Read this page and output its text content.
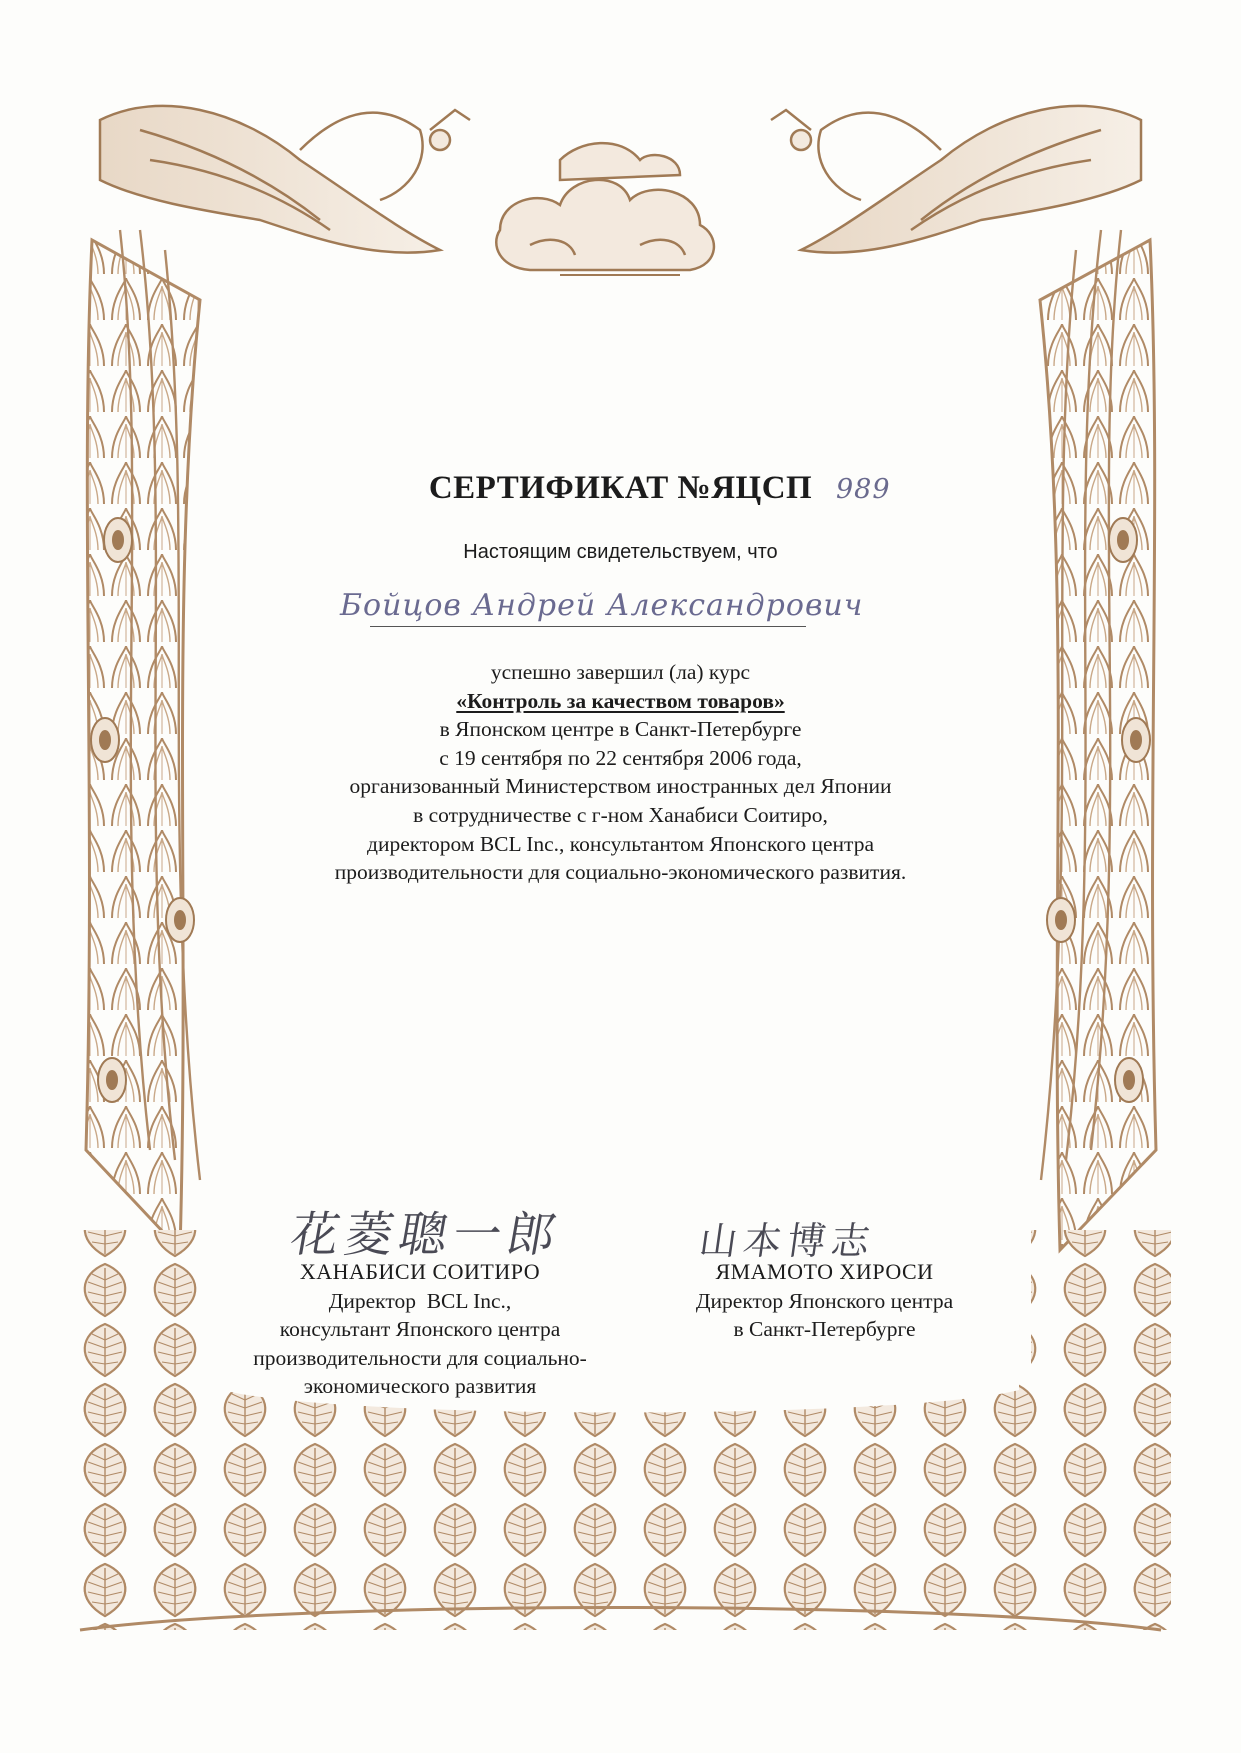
СЕРТИФИКАТ №ЯЦСП 989
Настоящим свидетельствуем, что
Бойцов Андрей Александрович
успешно завершил (ла) курс
«Контроль за качеством товаров»
в Японском центре в Санкт-Петербурге
с 19 сентября по 22 сентября 2006 года,
организованный Министерством иностранных дел Японии
в сотрудничестве с г-ном Ханабиси Соитиро,
директором BCL Inc., консультантом Японского центра
производительности для социально-экономического развития.
花菱聰一郎
ХАНАБИСИ СОИТИРО
Директор  BCL Inc.,
консультант Японского центра
производительности для социально-
экономического развития
山本博志
ЯМАМОТО ХИРОСИ
Директор Японского центра
в Санкт-Петербурге
